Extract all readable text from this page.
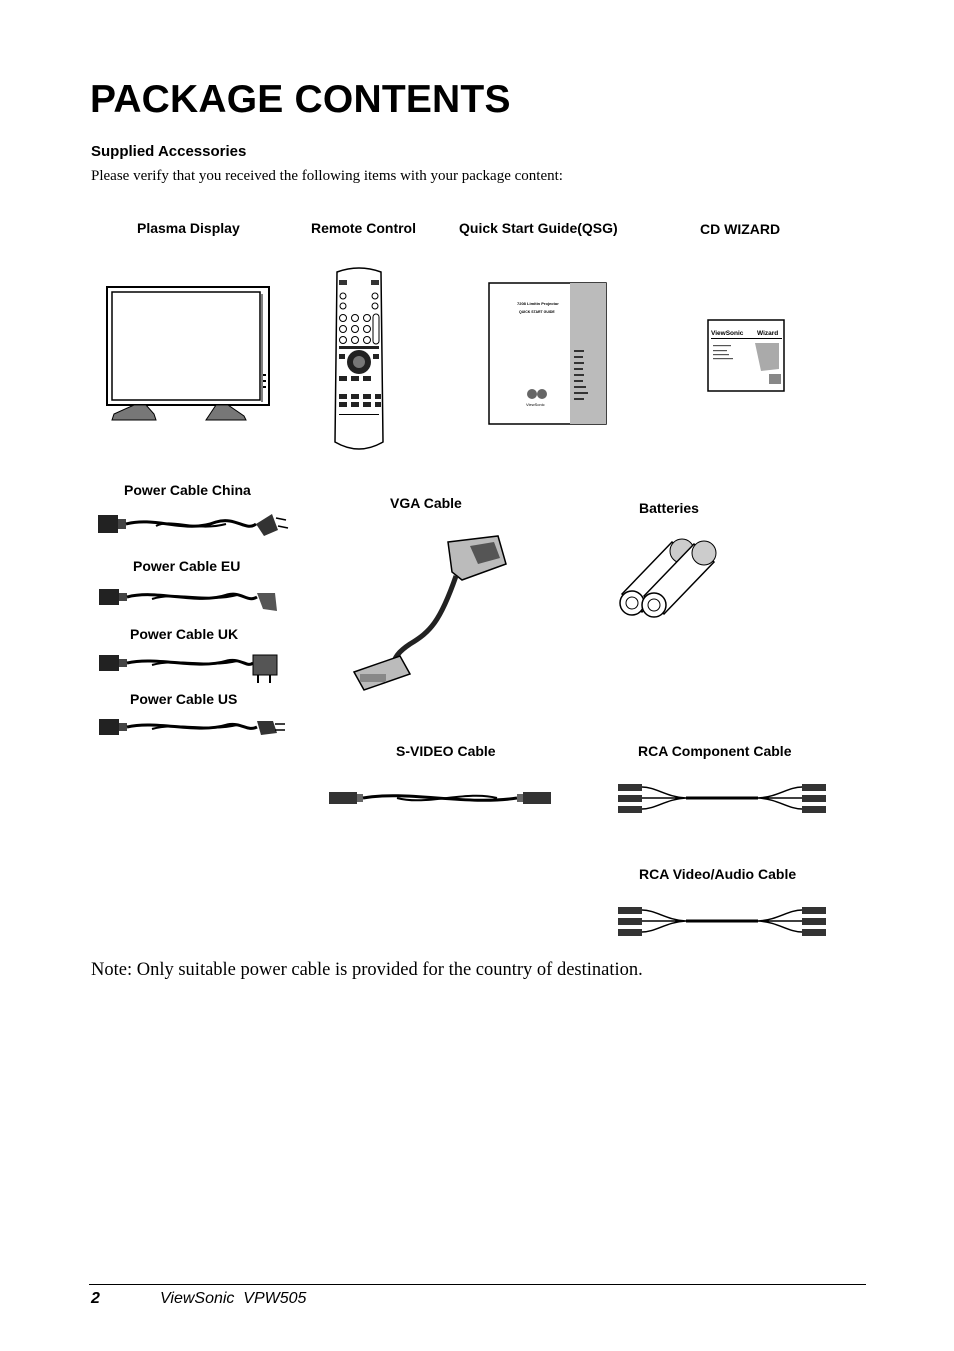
PACKAGE CONTENTS
Supplied Accessories
Please verify that you received the following items with your package content:
Plasma Display	Remote Control	Quick Start Guide(QSG)	CD WIZARD
7208 Limitin Projector
QUICK START GUIDE
ViewSonic
ViewSonic Wizard
Power Cable China
Power Cable EU
Power Cable UK
Power Cable US
VGA Cable	Batteries
S-VIDEO Cable	RCA Component Cable
RCA Video/Audio Cable
Note: Only suitable power cable is provided for the country of destination.
2	ViewSonic  VPW505
